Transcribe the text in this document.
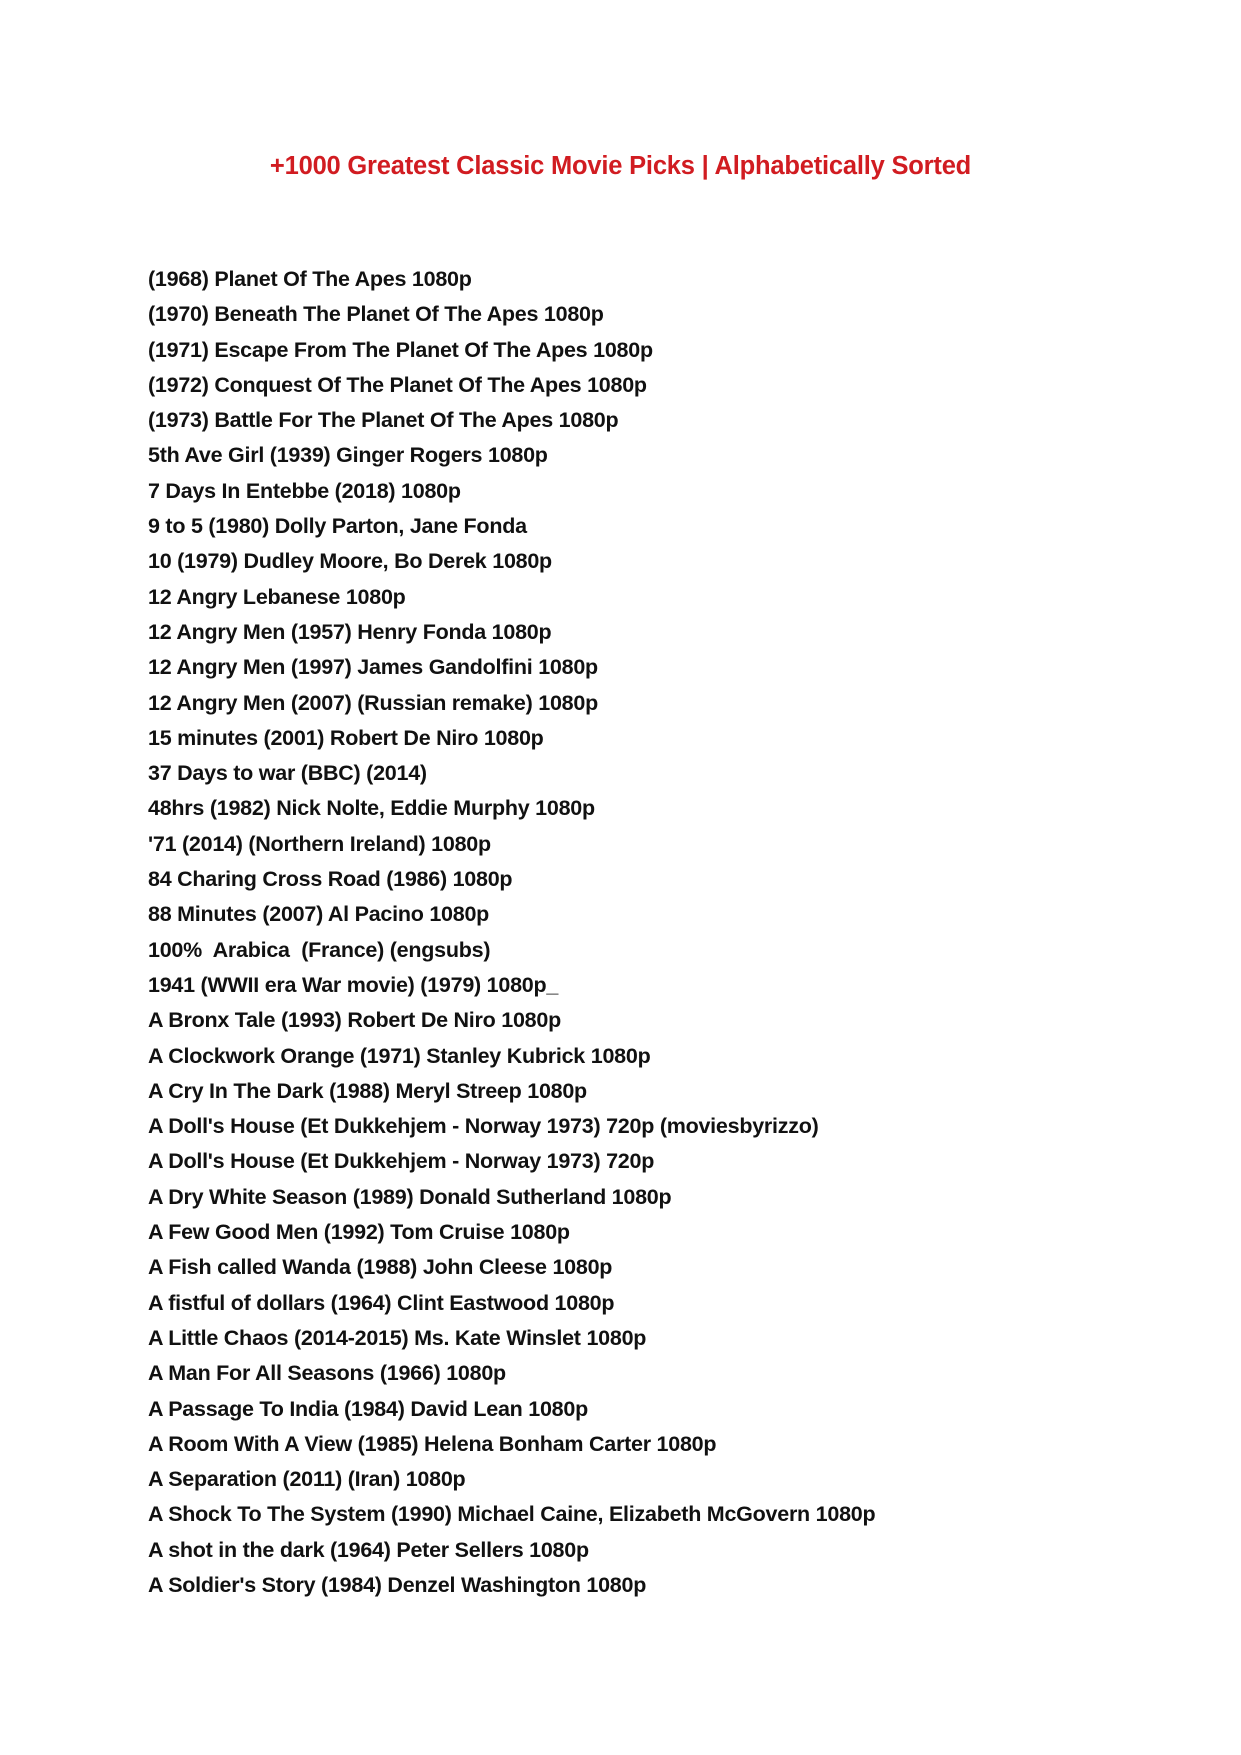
+1000 Greatest Classic Movie Picks | Alphabetically Sorted
(1968) Planet Of The Apes 1080p
(1970) Beneath The Planet Of The Apes 1080p
(1971) Escape From The Planet Of The Apes 1080p
(1972) Conquest Of The Planet Of The Apes 1080p
(1973) Battle For The Planet Of The Apes 1080p
5th Ave Girl (1939) Ginger Rogers 1080p
7 Days In Entebbe (2018) 1080p
9 to 5 (1980) Dolly Parton, Jane Fonda
10 (1979) Dudley Moore, Bo Derek 1080p
12 Angry Lebanese 1080p
12 Angry Men (1957) Henry Fonda 1080p
12 Angry Men (1997) James Gandolfini 1080p
12 Angry Men (2007) (Russian remake) 1080p
15 minutes (2001) Robert De Niro 1080p
37 Days to war (BBC) (2014)
48hrs (1982) Nick Nolte, Eddie Murphy 1080p
'71 (2014) (Northern Ireland) 1080p
84 Charing Cross Road (1986) 1080p
88 Minutes (2007) Al Pacino 1080p
100%  Arabica  (France) (engsubs)
1941 (WWII era War movie) (1979) 1080p_
A Bronx Tale (1993) Robert De Niro 1080p
A Clockwork Orange (1971) Stanley Kubrick 1080p
A Cry In The Dark (1988) Meryl Streep 1080p
A Doll's House (Et Dukkehjem - Norway 1973) 720p (moviesbyrizzo)
A Doll's House (Et Dukkehjem - Norway 1973) 720p
A Dry White Season (1989) Donald Sutherland 1080p
A Few Good Men (1992) Tom Cruise 1080p
A Fish called Wanda (1988) John Cleese 1080p
A fistful of dollars (1964) Clint Eastwood 1080p
A Little Chaos (2014-2015) Ms. Kate Winslet 1080p
A Man For All Seasons (1966) 1080p
A Passage To India (1984) David Lean 1080p
A Room With A View (1985) Helena Bonham Carter 1080p
A Separation (2011) (Iran) 1080p
A Shock To The System (1990) Michael Caine, Elizabeth McGovern 1080p
A shot in the dark (1964) Peter Sellers 1080p
A Soldier's Story (1984) Denzel Washington 1080p
